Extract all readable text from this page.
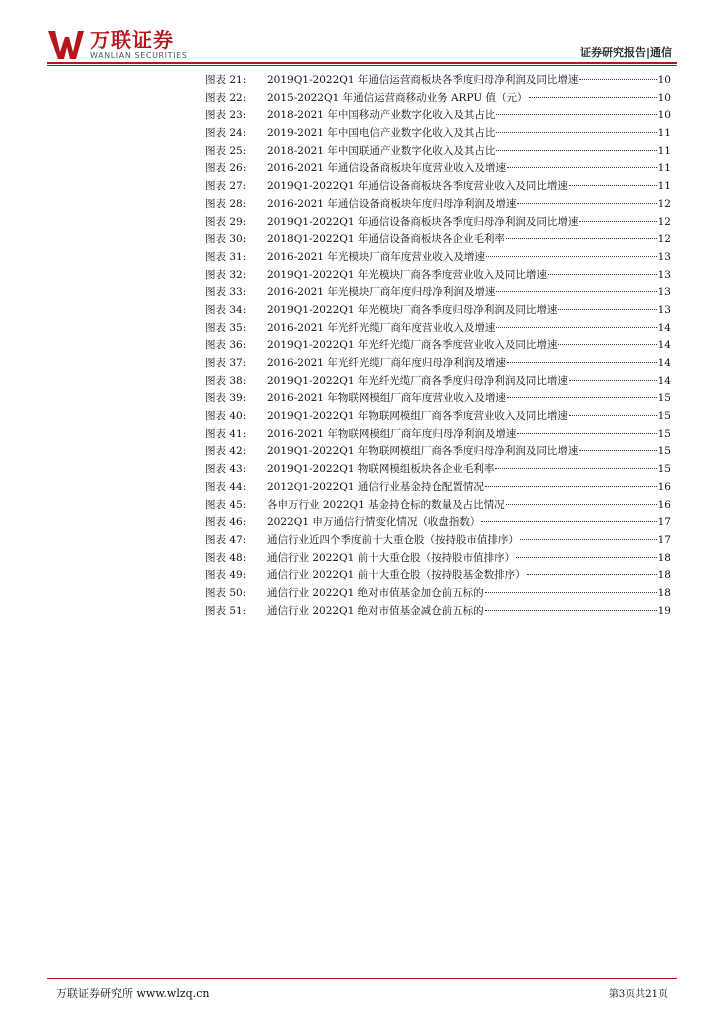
万联证券
WANLIAN SECURITIES	证券研究报告|通信
图表 21:	2019Q1-2022Q1 年通信运营商板块各季度归母净利润及同比增速	10
图表 22:	2015-2022Q1 年通信运营商移动业务 ARPU 值（元）	10
图表 23:	2018-2021 年中国移动产业数字化收入及其占比	10
图表 24:	2019-2021 年中国电信产业数字化收入及其占比	11
图表 25:	2018-2021 年中国联通产业数字化收入及其占比	11
图表 26:	2016-2021 年通信设备商板块年度营业收入及增速	11
图表 27:	2019Q1-2022Q1 年通信设备商板块各季度营业收入及同比增速	11
图表 28:	2016-2021 年通信设备商板块年度归母净利润及增速	12
图表 29:	2019Q1-2022Q1 年通信设备商板块各季度归母净利润及同比增速	12
图表 30:	2018Q1-2022Q1 年通信设备商板块各企业毛利率	12
图表 31:	2016-2021 年光模块厂商年度营业收入及增速	13
图表 32:	2019Q1-2022Q1 年光模块厂商各季度营业收入及同比增速	13
图表 33:	2016-2021 年光模块厂商年度归母净利润及增速	13
图表 34:	2019Q1-2022Q1 年光模块厂商各季度归母净利润及同比增速	13
图表 35:	2016-2021 年光纤光缆厂商年度营业收入及增速	14
图表 36:	2019Q1-2022Q1 年光纤光缆厂商各季度营业收入及同比增速	14
图表 37:	2016-2021 年光纤光缆厂商年度归母净利润及增速	14
图表 38:	2019Q1-2022Q1 年光纤光缆厂商各季度归母净利润及同比增速	14
图表 39:	2016-2021 年物联网模组厂商年度营业收入及增速	15
图表 40:	2019Q1-2022Q1 年物联网模组厂商各季度营业收入及同比增速	15
图表 41:	2016-2021 年物联网模组厂商年度归母净利润及增速	15
图表 42:	2019Q1-2022Q1 年物联网模组厂商各季度归母净利润及同比增速	15
图表 43:	2019Q1-2022Q1 物联网模组板块各企业毛利率	15
图表 44:	2012Q1-2022Q1 通信行业基金持仓配置情况	16
图表 45:	各申万行业 2022Q1 基金持仓标的数量及占比情况	16
图表 46:	2022Q1 申万通信行情变化情况（收盘指数）	17
图表 47:	通信行业近四个季度前十大重仓股（按持股市值排序）	17
图表 48:	通信行业 2022Q1 前十大重仓股（按持股市值排序）	18
图表 49:	通信行业 2022Q1 前十大重仓股（按持股基金数排序）	18
图表 50:	通信行业 2022Q1 绝对市值基金加仓前五标的	18
图表 51:	通信行业 2022Q1 绝对市值基金减仓前五标的	19
万联证券研究所 www.wlzq.cn	第3页共21页
